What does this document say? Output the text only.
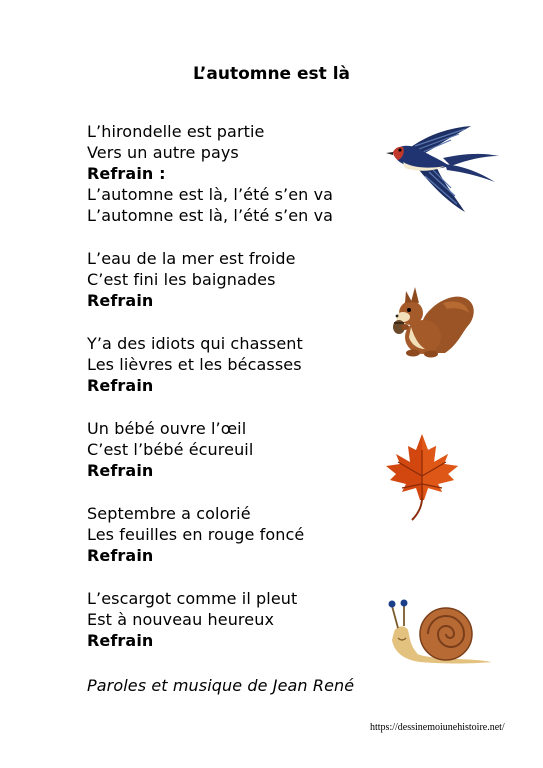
L’automne est là
L’hirondelle est partie
Vers un autre pays
Refrain :
L’automne est là, l’été s’en va
L’automne est là, l’été s’en va
L’eau de la mer est froide
C’est fini les baignades
Refrain
Y’a des idiots qui chassent
Les lièvres et les bécasses
Refrain
Un bébé ouvre l’œil
C’est l’bébé écureuil
Refrain
Septembre a colorié
Les feuilles en rouge foncé
Refrain
L’escargot comme il pleut
Est à nouveau heureux
Refrain
Paroles et musique de Jean René
https://dessinemoiunehistoire.net/
